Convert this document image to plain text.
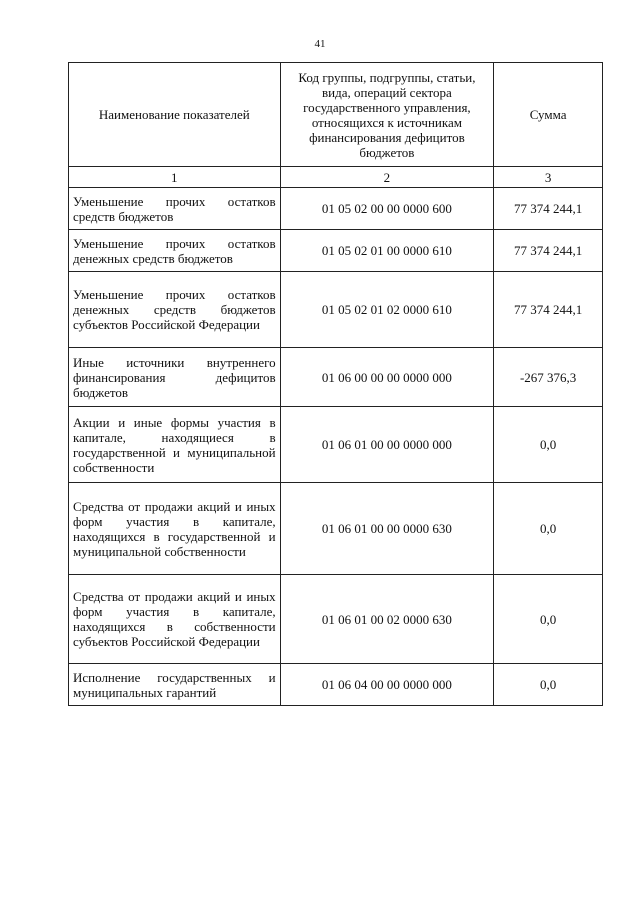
41
Наименование показателей	Код группы, подгруппы, статьи, вида, операций сектора государственного управления, относящихся к источникам финансирования дефицитов бюджетов	Сумма
1	2	3
Уменьшение прочих остатков средств бюджетов	01 05 02 00 00 0000 600	77 374 244,1
Уменьшение прочих остатков денежных средств бюджетов	01 05 02 01 00 0000 610	77 374 244,1
Уменьшение прочих остатков денежных средств бюджетов субъектов Российской Федерации	01 05 02 01 02 0000 610	77 374 244,1
Иные источники внутреннего финансирования дефицитов бюджетов	01 06 00 00 00 0000 000	-267 376,3
Акции и иные формы участия в капитале, находящиеся в государственной и муниципальной собственности	01 06 01 00 00 0000 000	0,0
Средства от продажи акций и иных форм участия в капитале, находящихся в государственной и муниципальной собственности	01 06 01 00 00 0000 630	0,0
Средства от продажи акций и иных форм участия в капитале, находящихся в собственности субъектов Российской Федерации	01 06 01 00 02 0000 630	0,0
Исполнение государственных и муниципальных гарантий	01 06 04 00 00 0000 000	0,0
